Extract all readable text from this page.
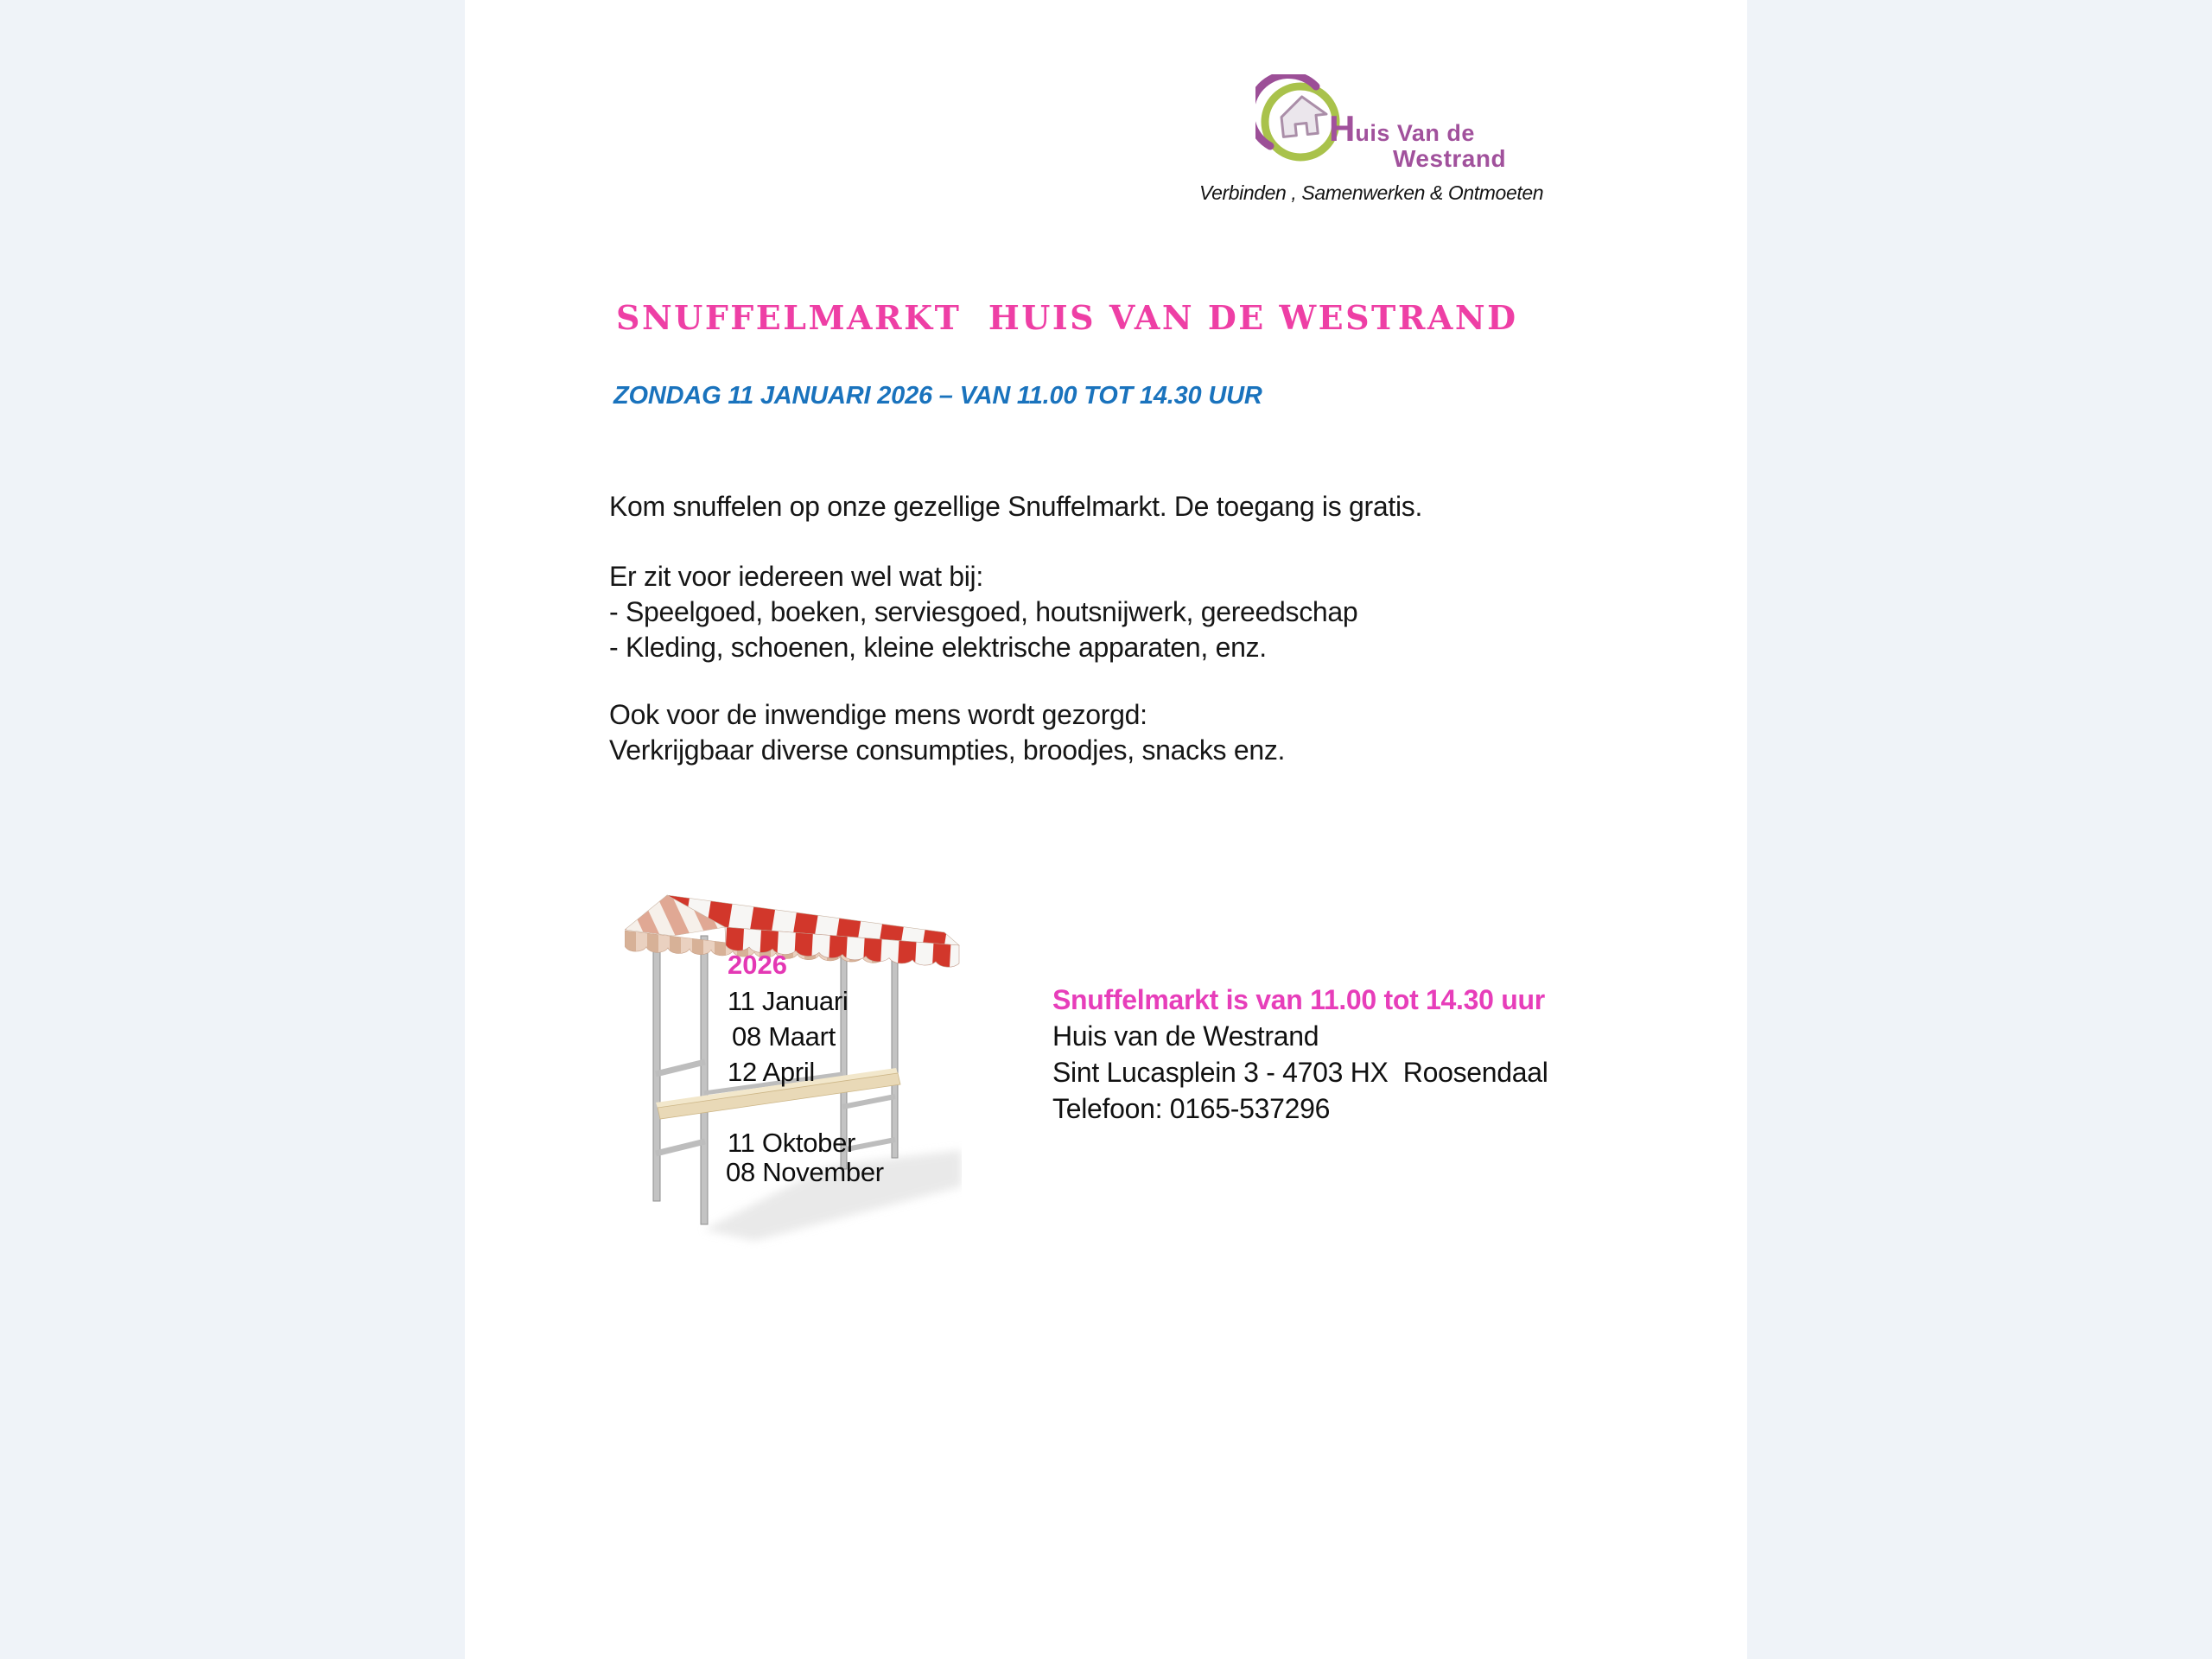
H uis Van de
Westrand
Verbinden , Samenwerken & Ontmoeten
SNUFFELMARKT  HUIS VAN DE WESTRAND
ZONDAG 11 JANUARI 2026 – VAN 11.00 TOT 14.30 UUR
Kom snuffelen op onze gezellige Snuffelmarkt. De toegang is gratis.
Er zit voor iedereen wel wat bij:
- Speelgoed, boeken, serviesgoed, houtsnijwerk, gereedschap
- Kleding, schoenen, kleine elektrische apparaten, enz.
Ook voor de inwendige mens wordt gezorgd:
Verkrijgbaar diverse consumpties, broodjes, snacks enz.
2026
11 Januari
08 Maart
12 April
11 Oktober
08 November
Snuffelmarkt is van 11.00 tot 14.30 uur
Huis van de Westrand
Sint Lucasplein 3 - 4703 HX  Roosendaal
Telefoon: 0165-537296
